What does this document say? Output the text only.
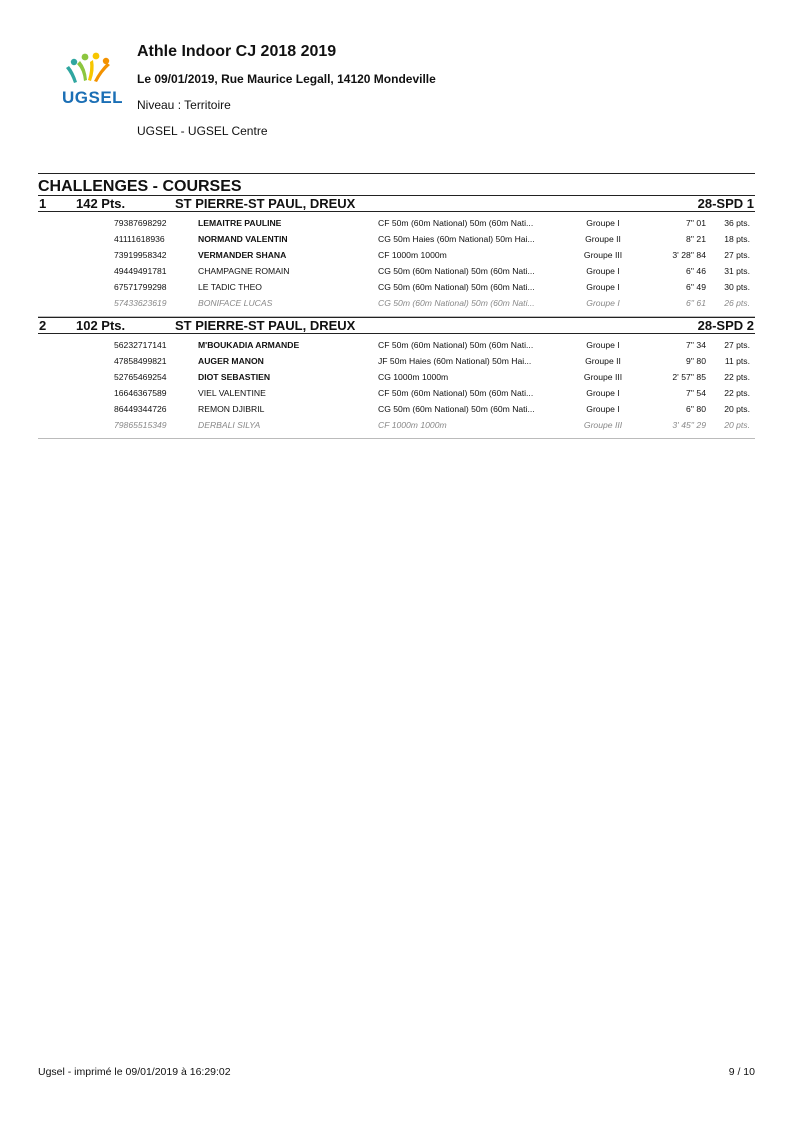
UGSEL
Athle Indoor CJ 2018 2019
Le 09/01/2019, Rue Maurice Legall, 14120 Mondeville
Niveau : Territoire
UGSEL - UGSEL Centre
CHALLENGES - COURSES
1 142 Pts.	ST PIERRE-ST PAUL, DREUX	28-SPD 1
79387698292	LEMAITRE PAULINE	CF 50m (60m National) 50m (60m Nati...	Groupe I	7'' 01 36 pts.
41111618936	NORMAND VALENTIN	CG 50m Haies (60m National) 50m Hai...	Groupe II	8'' 21 18 pts.
73919958342	VERMANDER SHANA	CF 1000m 1000m	Groupe III	3' 28'' 84 27 pts.
49449491781	CHAMPAGNE ROMAIN	CG 50m (60m National) 50m (60m Nati...	Groupe I	6'' 46 31 pts.
67571799298	LE TADIC THEO	CG 50m (60m National) 50m (60m Nati...	Groupe I	6'' 49 30 pts.
57433623619	BONIFACE LUCAS	CG 50m (60m National) 50m (60m Nati...	Groupe I	6'' 61 26 pts.
2 102 Pts.	ST PIERRE-ST PAUL, DREUX	28-SPD 2
56232717141	M'BOUKADIA ARMANDE	CF 50m (60m National) 50m (60m Nati...	Groupe I	7'' 34 27 pts.
47858499821	AUGER MANON	JF 50m Haies (60m National) 50m Hai...	Groupe II	9'' 80 11 pts.
52765469254	DIOT SEBASTIEN	CG 1000m 1000m	Groupe III	2' 57'' 85 22 pts.
16646367589	VIEL VALENTINE	CF 50m (60m National) 50m (60m Nati...	Groupe I	7'' 54 22 pts.
86449344726	REMON DJIBRIL	CG 50m (60m National) 50m (60m Nati...	Groupe I	6'' 80 20 pts.
79865515349	DERBALI SILYA	CF 1000m 1000m	Groupe III	3' 45'' 29 20 pts.
Ugsel - imprimé le 09/01/2019 à 16:29:02	9 / 10
